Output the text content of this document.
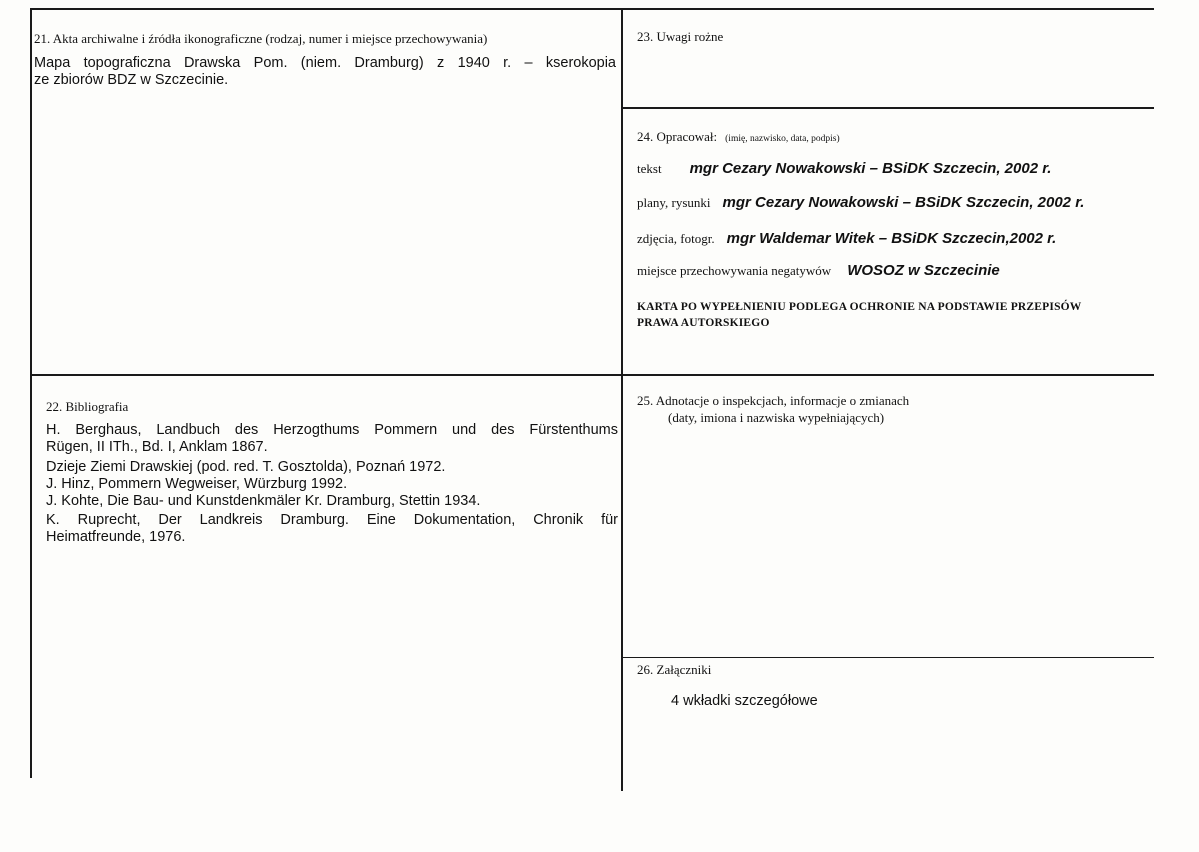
21. Akta archiwalne i źródła ikonograficzne (rodzaj, numer i miejsce przechowywania)
Mapa topograficzna Drawska Pom. (niem. Dramburg) z 1940 r. – kserokopia
ze zbiorów BDZ w Szczecinie.
22. Bibliografia
H. Berghaus, Landbuch des Herzogthums Pommern und des Fürstenthums
Rügen, II ITh., Bd. I, Anklam 1867.
Dzieje Ziemi Drawskiej (pod. red. T. Gosztolda), Poznań 1972.
J. Hinz, Pommern Wegweiser, Würzburg 1992.
J. Kohte, Die Bau- und Kunstdenkmäler Kr. Dramburg, Stettin 1934.
K. Ruprecht, Der Landkreis Dramburg. Eine Dokumentation, Chronik für
Heimatfreunde, 1976.
23. Uwagi rożne
24. Opracował: (imię, nazwisko, data, podpis)
tekst mgr Cezary Nowakowski – BSiDK Szczecin, 2002 r.
plany, rysunki mgr Cezary Nowakowski – BSiDK Szczecin, 2002 r.
zdjęcia, fotogr. mgr Waldemar Witek – BSiDK Szczecin,2002 r.
miejsce przechowywania negatywów WOSOZ w Szczecinie
KARTA PO WYPEŁNIENIU PODLEGA OCHRONIE NA PODSTAWIE PRZEPISÓW
PRAWA AUTORSKIEGO
25. Adnotacje o inspekcjach, informacje o zmianach
(daty, imiona i nazwiska wypełniających)
26. Załączniki
4 wkładki szczegółowe
